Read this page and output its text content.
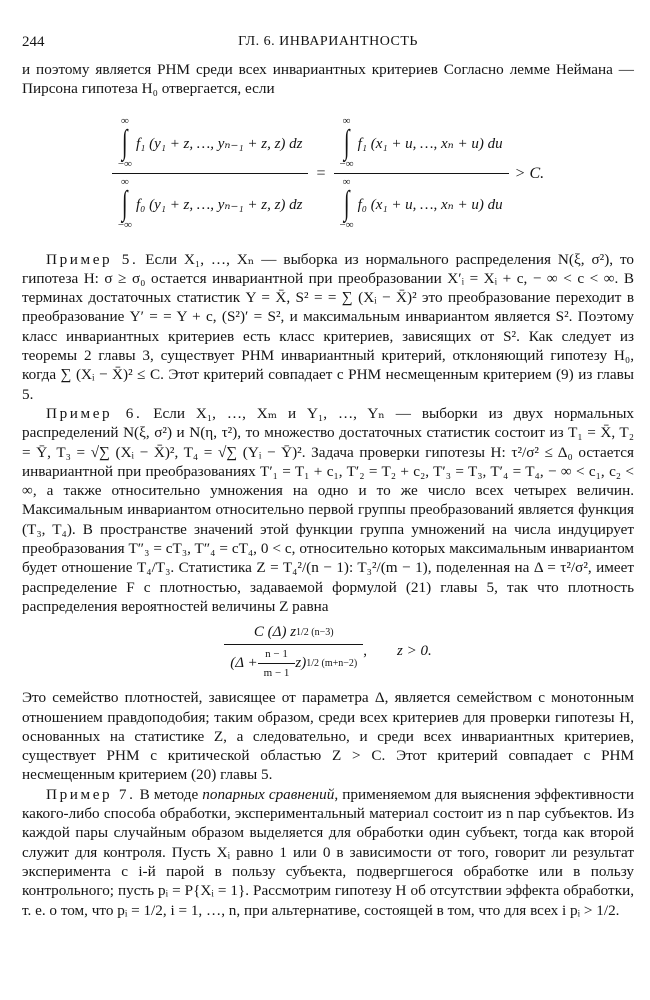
244	ГЛ. 6. ИНВАРИАНТНОСТЬ

и поэтому является РНМ среди всех инвариантных критериев Согласно лемме Неймана — Пирсона гипотеза H₀ отвергается, если

∞
∫
−∞
f₁ (y₁ + z, …, yₙ₋₁ + z, z) dz
∞
∫
−∞
f₀ (y₁ + z, …, yₙ₋₁ + z, z) dz
=
∞
∫
−∞
f₁ (x₁ + u, …, xₙ + u) du
∞
∫
−∞
f₀ (x₁ + u, …, xₙ + u) du
> C.

Пример 5. Если X₁, …, Xₙ — выборка из нормального распределения N(ξ, σ²), то гипотеза H: σ ≥ σ₀ остается инвариантной при преобразовании X′ᵢ = Xᵢ + c, − ∞ < c < ∞. В терминах достаточных статистик Y = X̄, S² = = ∑ (Xᵢ − X̄)² это преобразование переходит в преобразование Y′ = = Y + c, (S²)′ = S², и максимальным инвариантом является S². Поэтому класс инвариантных критериев есть класс критериев, зависящих от S². Как следует из теоремы 2 главы 3, существует РНМ инвариантный критерий, отклоняющий гипотезу H₀, когда ∑ (Xᵢ − X̄)² ≤ C. Этот критерий совпадает с РНМ несмещенным критерием (9) из главы 5.

Пример 6. Если X₁, …, Xₘ и Y₁, …, Yₙ — выборки из двух нормальных распределений N(ξ, σ²) и N(η, τ²), то множество достаточных статистик состоит из T₁ = X̄, T₂ = Ȳ, T₃ = √∑ (Xᵢ − X̄)², T₄ = √∑ (Yᵢ − Ȳ)². Задача проверки гипотезы H: τ²/σ² ≤ Δ₀ остается инвариантной при преобразованиях T′₁ = T₁ + c₁, T′₂ = T₂ + c₂, T′₃ = T₃, T′₄ = T₄, − ∞ < c₁, c₂ < ∞, а также относительно умножения на одно и то же число всех четырех величин. Максимальным инвариантом относительно первой группы преобразований является функция (T₃, T₄). В пространстве значений этой функции группа умножений на числа индуцирует преобразования T″₃ = cT₃, T″₄ = cT₄, 0 < c, относительно которых максимальным инвариантом будет отношение T₄/T₃. Статистика Z = T₄²/(n − 1): T₃²/(m − 1), поделенная на Δ = τ²/σ², имеет распределение F с плотностью, задаваемой формулой (21) главы 5, так что плотность распределения вероятностей величины Z равна

C (Δ) z 1/2 (n−3)
$(\Delta + \frac{n - 1}{m - 1} z)$ 1/2 (m+n−2)
, z > 0.

Это семейство плотностей, зависящее от параметра Δ, является семейством с монотонным отношением правдоподобия; таким образом, среди всех критериев для проверки гипотезы H, основанных на статистике Z, а следовательно, и среди всех инвариантных критериев, существует РНМ с критической областью Z > C. Этот критерий совпадает с РНМ несмещенным критерием (20) главы 5.

Пример 7. В методе попарных сравнений, применяемом для выяснения эффективности какого-либо способа обработки, экспериментальный материал состоит из n пар субъектов. Из каждой пары случайным образом выделяется для обработки один субъект, тогда как второй служит для контроля. Пусть Xᵢ равно 1 или 0 в зависимости от того, говорит ли результат эксперимента с i-й парой в пользу субъекта, подвергшегося обработке или в пользу контрольного; пусть pᵢ = P{Xᵢ = 1}. Рассмотрим гипотезу H об отсутствии эффекта обработки, т. е. о том, что pᵢ = 1/2, i = 1, …, n, при альтернативе, состоящей в том, что для всех i pᵢ > 1/2.
